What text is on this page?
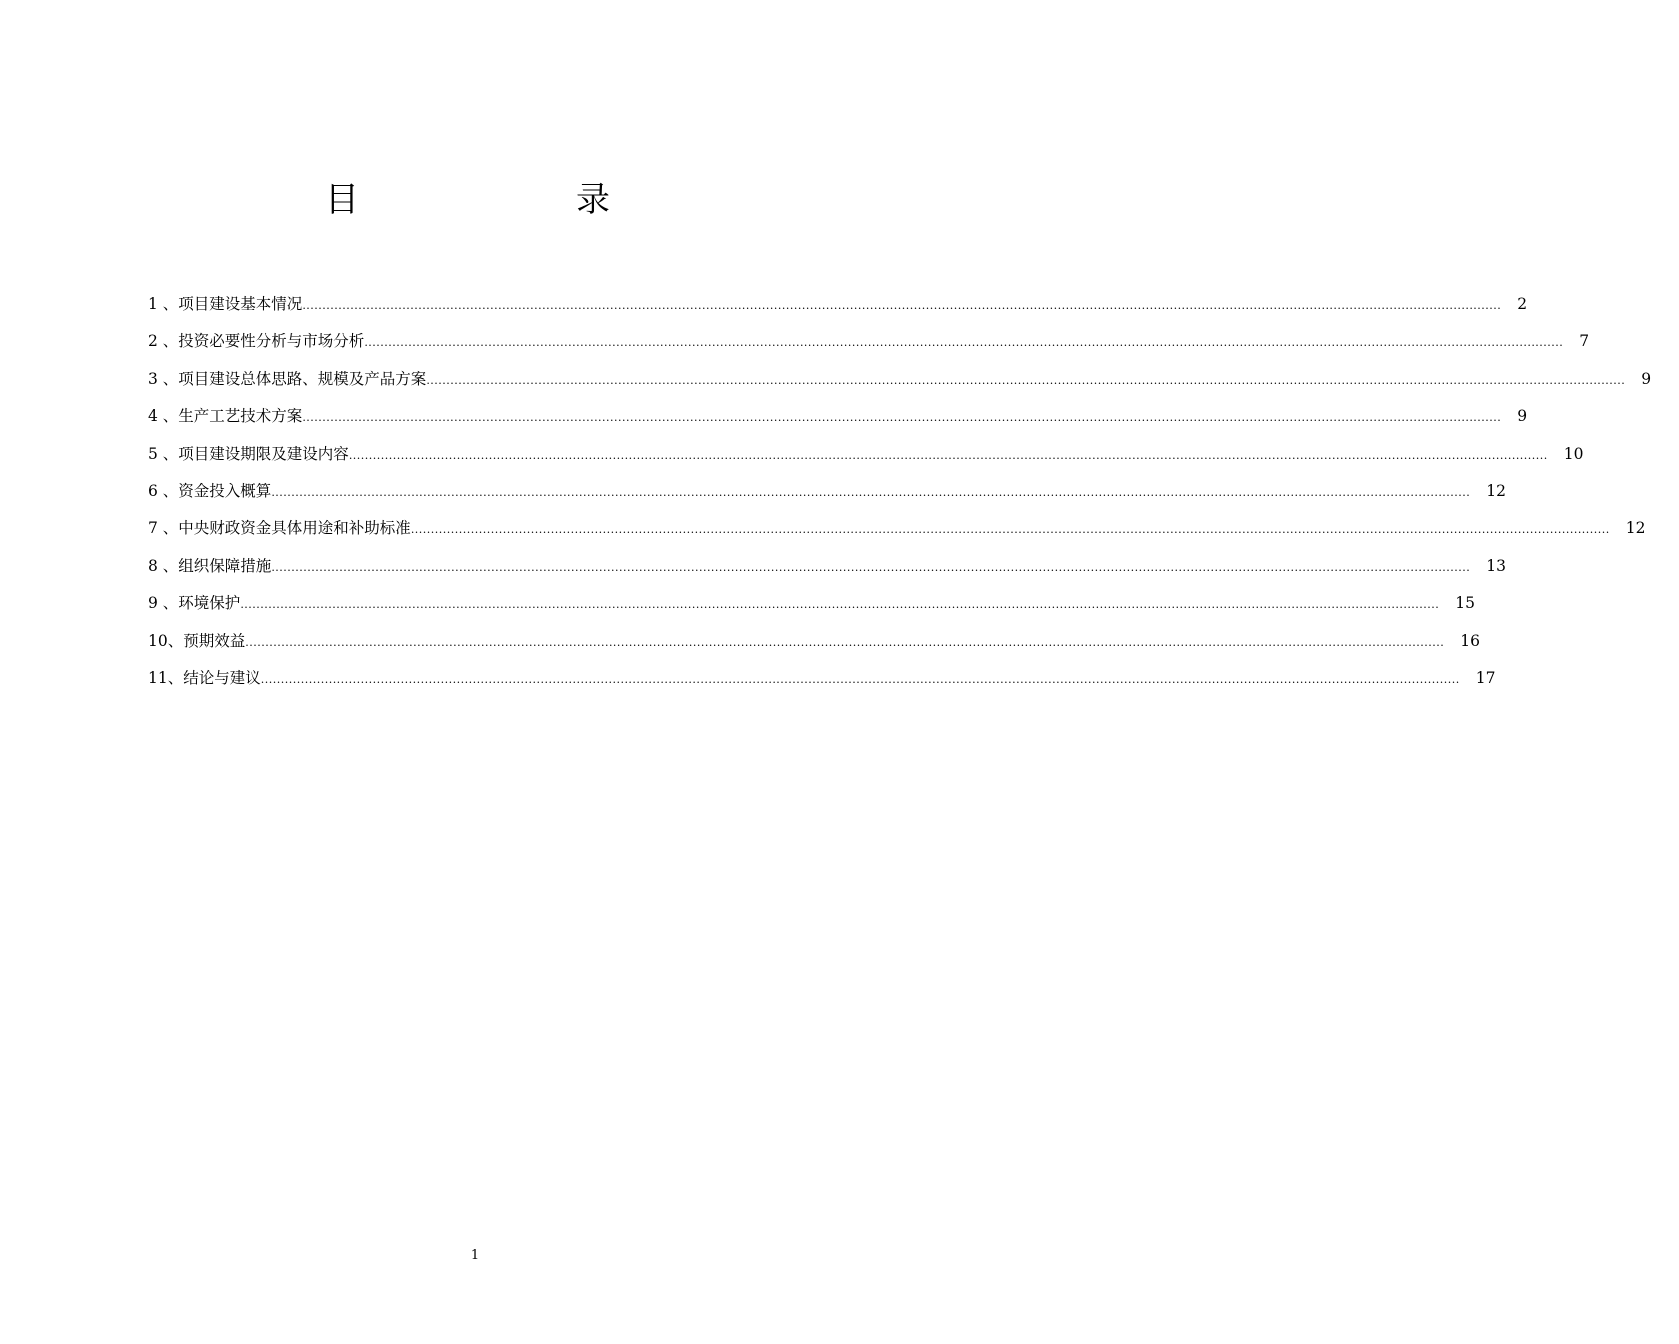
目	录
1 、项目建设基本情况 ............................................................................................................................................................................................................................................................................................................ 2
2 、投资必要性分析与市场分析 ............................................................................................................................................................................................................................................................................................................ 7
3 、项目建设总体思路、规模及产品方案 ............................................................................................................................................................................................................................................................................................................ 9
4 、生产工艺技术方案 ............................................................................................................................................................................................................................................................................................................ 9
5 、项目建设期限及建设内容 ............................................................................................................................................................................................................................................................................................................ 10
6 、资金投入概算 ............................................................................................................................................................................................................................................................................................................ 12
7 、中央财政资金具体用途和补助标准 ............................................................................................................................................................................................................................................................................................................ 12
8 、组织保障措施 ............................................................................................................................................................................................................................................................................................................ 13
9 、环境保护 ............................................................................................................................................................................................................................................................................................................ 15
10 、预期效益 ............................................................................................................................................................................................................................................................................................................ 16
11 、结论与建议 ............................................................................................................................................................................................................................................................................................................ 17
1
